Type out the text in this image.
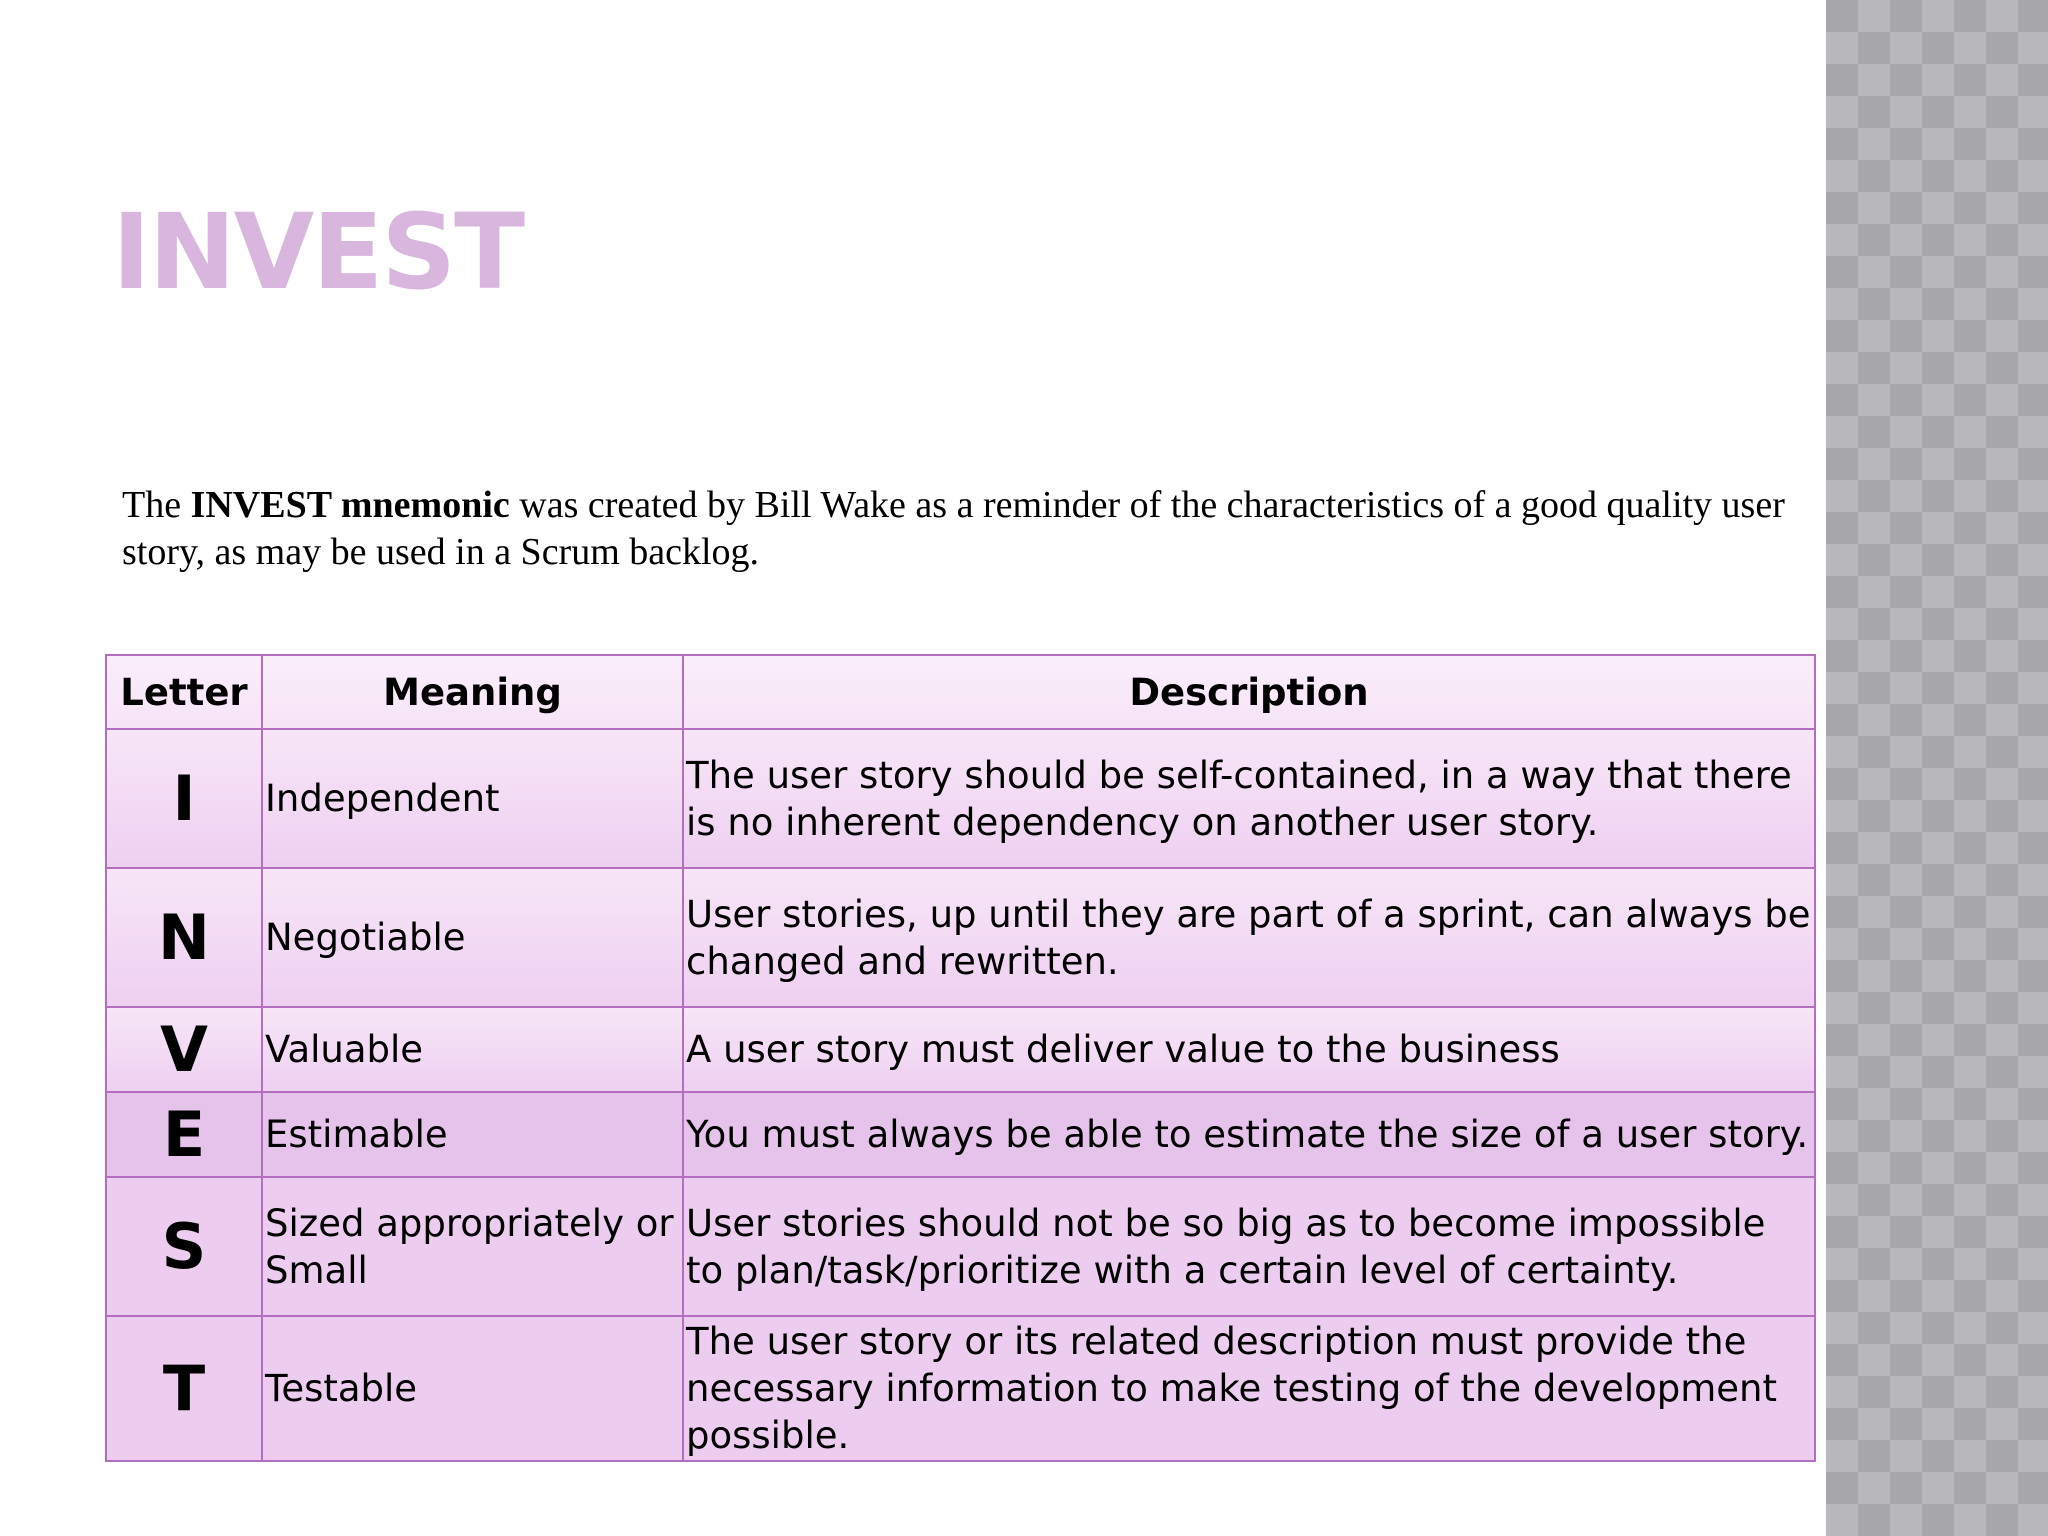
INVEST

The INVEST mnemonic was created by Bill Wake as a reminder of the characteristics of a good quality user story, as may be used in a Scrum backlog.

Letter	Meaning	Description
I	Independent	The user story should be self-contained, in a way that there is no inherent dependency on another user story.
N	Negotiable	User stories, up until they are part of a sprint, can always be changed and rewritten.
V	Valuable	A user story must deliver value to the business
E	Estimable	You must always be able to estimate the size of a user story.
S	Sized appropriately or Small	User stories should not be so big as to become impossible to plan/task/prioritize with a certain level of certainty.
T	Testable	The user story or its related description must provide the necessary information to make testing of the development possible.
